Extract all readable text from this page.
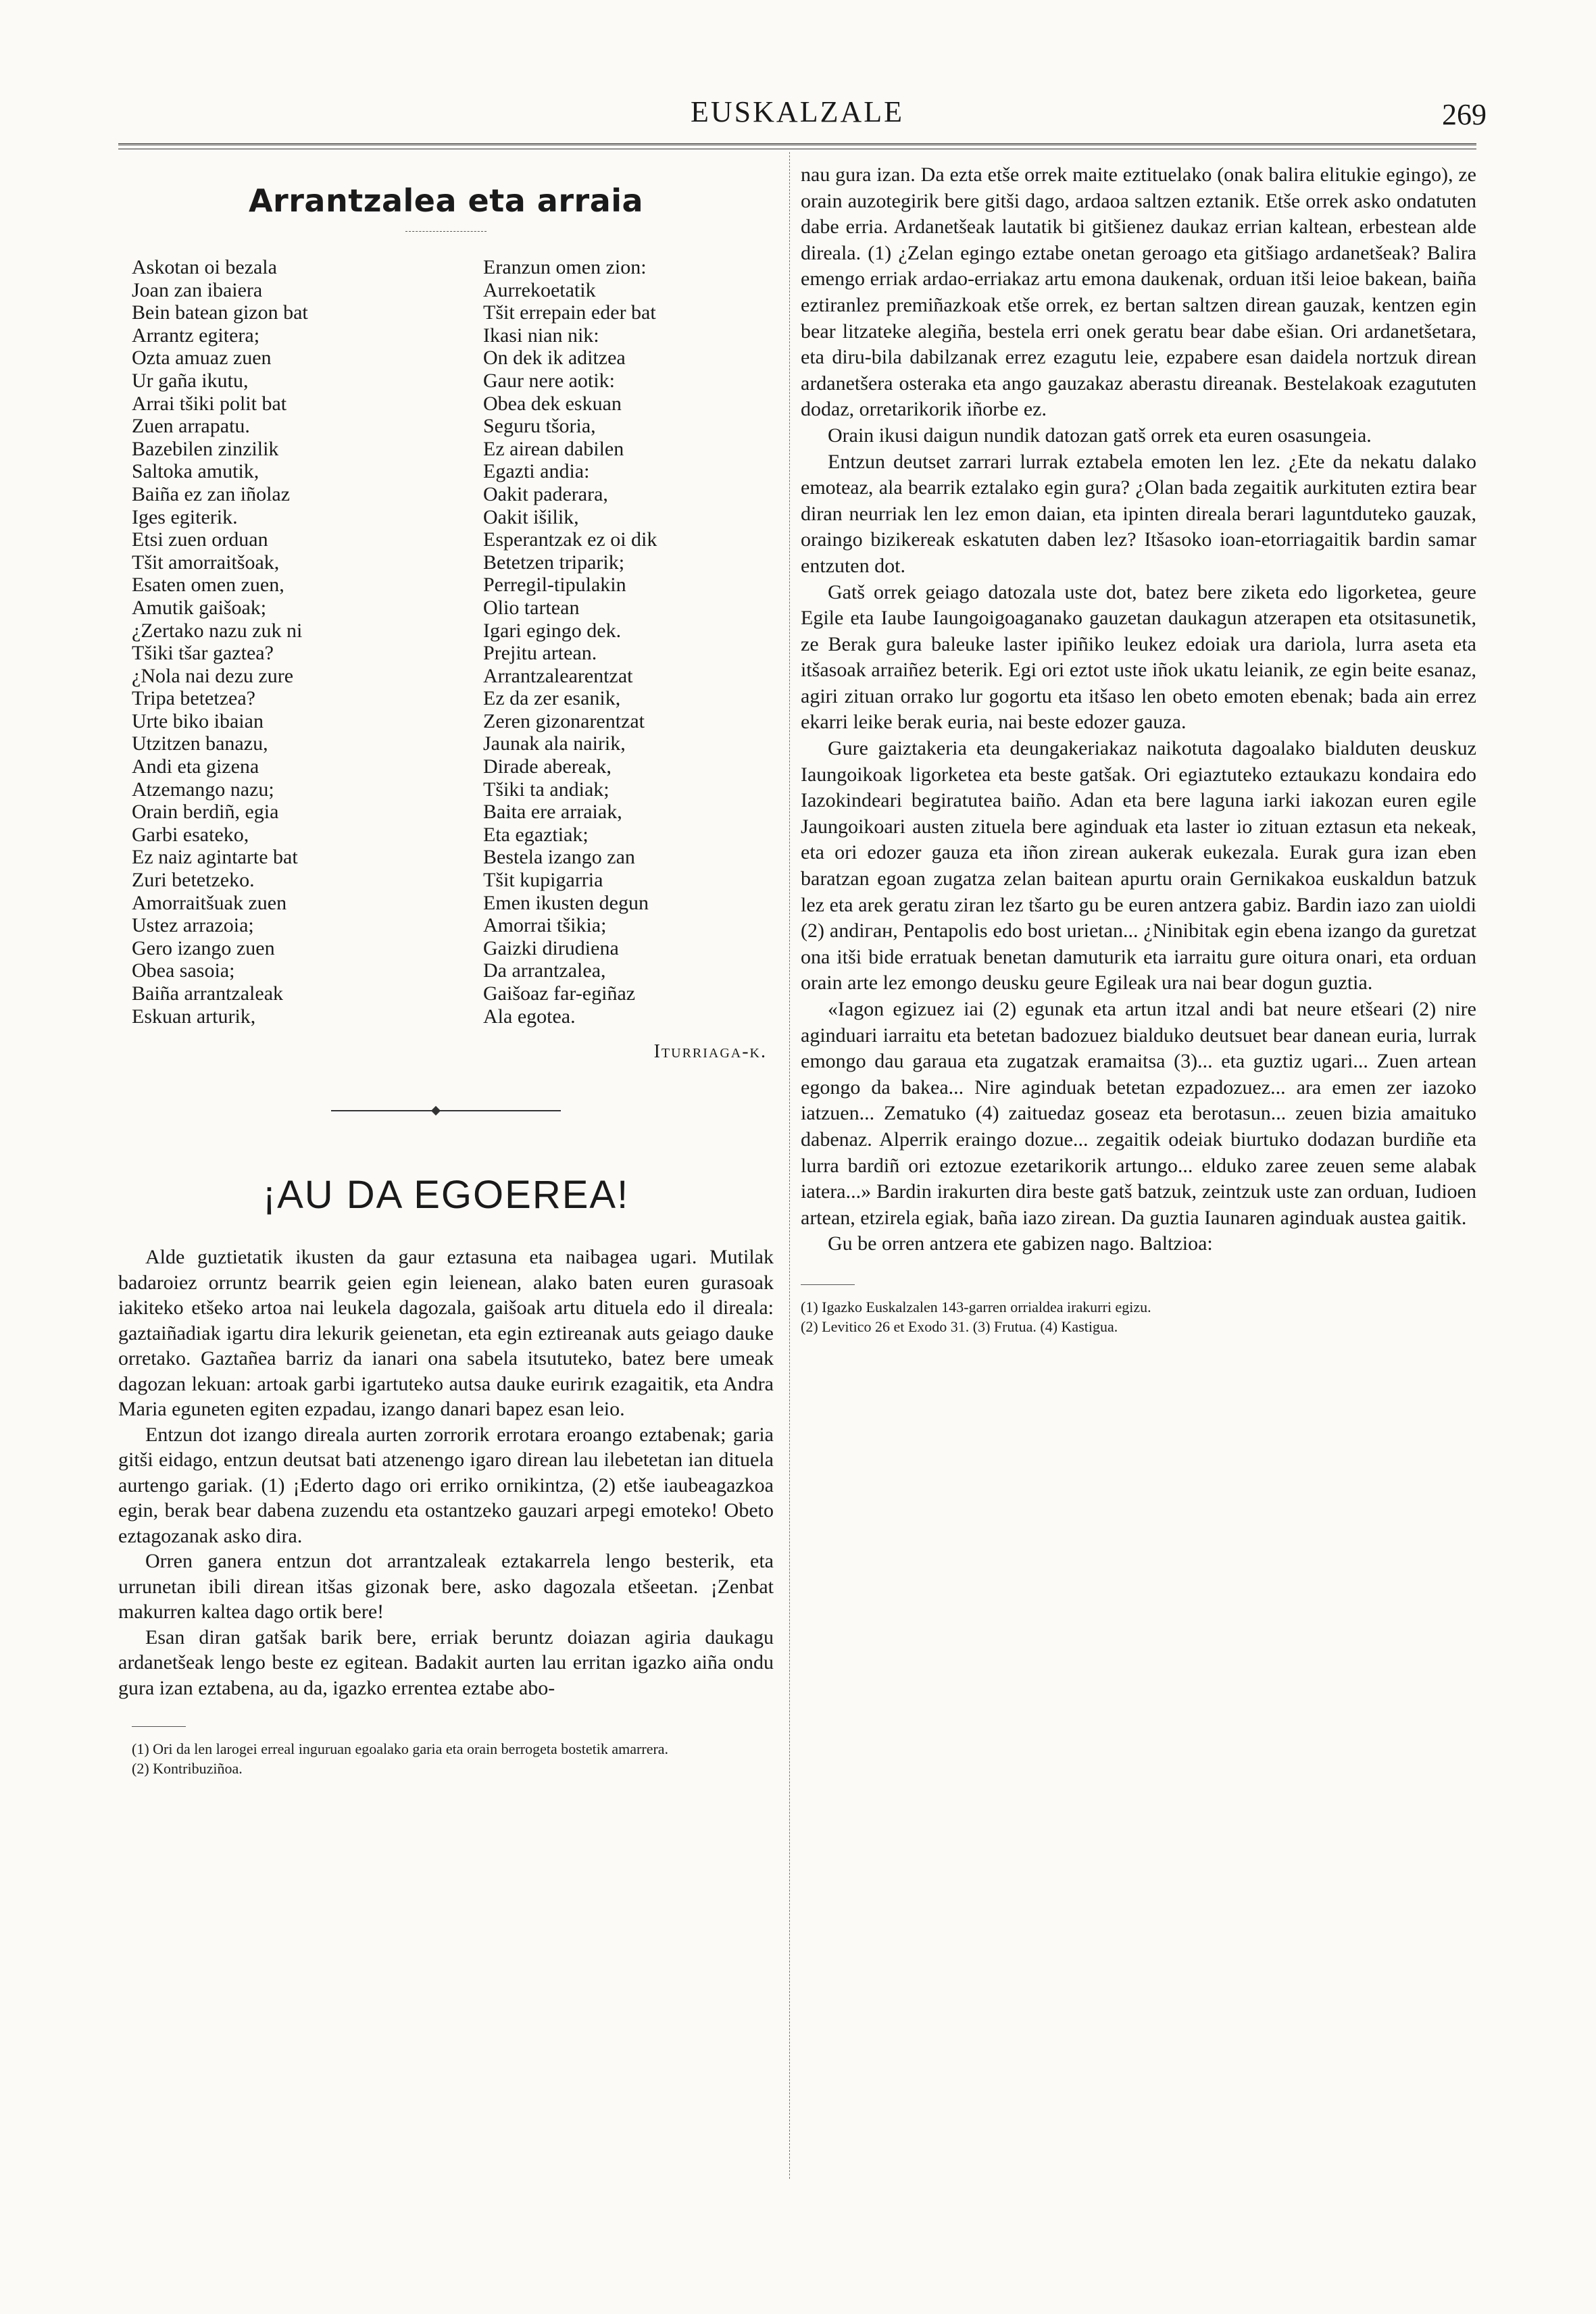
EUSKALZALE	269
Arrantzalea eta arraia
Askotan oi bezala
Joan zan ibaiera
Bein batean gizon bat
Arrantz egitera;
Ozta amuaz zuen
Ur gaña ikutu,
Arrai tšiki polit bat
Zuen arrapatu.
Bazebilen zinzilik
Saltoka amutik,
Baiña ez zan iñolaz
Iges egiterik.
Etsi zuen orduan
Tšit amorraitšoak,
Esaten omen zuen,
Amutik gaišoak;
¿Zertako nazu zuk ni
Tšiki tšar gaztea?
¿Nola nai dezu zure
Tripa betetzea?
Urte biko ibaian
Utzitzen banazu,
Andi eta gizena
Atzemango nazu;
Orain berdiñ, egia
Garbi esateko,
Ez naiz agintarte bat
Zuri betetzeko.
Amorraitšuak zuen
Ustez arrazoia;
Gero izango zuen
Obea sasoia;
Baiña arrantzaleak
Eskuan arturik,
Eranzun omen zion:
Aurrekoetatik
Tšit errepain eder bat
Ikasi nian nik:
On dek ik aditzea
Gaur nere aotik:
Obea dek eskuan
Seguru tšoria,
Ez airean dabilen
Egazti andia:
Oakit paderara,
Oakit išilik,
Esperantzak ez oi dik
Betetzen triparik;
Perregil-tipulakin
Olio tartean
Igari egingo dek.
Prejitu artean.
Arrantzalearentzat
Ez da zer esanik,
Zeren gizonarentzat
Jaunak ala nairik,
Dirade abereak,
Tšiki ta andiak;
Baita ere arraiak,
Eta egaztiak;
Bestela izango zan
Tšit kupigarria
Emen ikusten degun
Amorrai tšikia;
Gaizki dirudiena
Da arrantzalea,
Gaišoaz far-egiñaz
Ala egotea.
Iturriaga-k.
¡AU DA EGOEREA!

Alde guztietatik ikusten da gaur eztasuna eta naibagea ugari. Mutilak badaroiez orruntz bearrik geien egin leienean, alako baten euren gurasoak iakiteko etšeko artoa nai leukela dagozala, gaišoak artu dituela edo il direala: gaztaiñadiak igartu dira lekurik geienetan, eta egin eztireanak auts geiago dauke orretako. Gaztañea barriz da ianari ona sabela itsututeko, batez bere umeak dagozan lekuan: artoak garbi igartuteko autsa dauke eurirık ezagaitik, eta Andra Maria eguneten egiten ezpadau, izango danari bapez esan leio.

Entzun dot izango direala aurten zorrorik errotara eroango eztabenak; garia gitši eidago, entzun deutsat bati atzenengo igaro direan lau ilebetetan ian dituela aurtengo gariak. (1) ¡Ederto dago ori erriko ornikintza, (2) etše iaubeagazkoa egin, berak bear dabena zuzendu eta ostantzeko gauzari arpegi emoteko! Obeto eztagozanak asko dira.

Orren ganera entzun dot arrantzaleak eztakarrela lengo besterik, eta urrunetan ibili direan itšas gizonak bere, asko dagozala etšeetan. ¡Zenbat makurren kaltea dago ortik bere!

Esan diran gatšak barik bere, erriak beruntz doiazan agiria daukagu ardanetšeak lengo beste ez egitean. Badakit aurten lau erritan igazko aiña ondu gura izan eztabena, au da, igazko errentea eztabe abo-

(1) Ori da len larogei erreal inguruan egoalako garia eta orain berrogeta bostetik amarrera.
(2) Kontribuziñoa.

nau gura izan. Da ezta etše orrek maite eztituelako (onak balira elitukie egingo), ze orain auzotegirik bere gitši dago, ardaoa saltzen eztanik. Etše orrek asko ondatuten dabe erria. Ardanetšeak lautatik bi gitšienez daukaz errian kaltean, erbestean alde direala. (1) ¿Zelan egingo eztabe onetan geroago eta gitšiago ardanetšeak? Balira emengo erriak ardao-erriakaz artu emona daukenak, orduan itši leioe bakean, baiña eztiranlez premiñazkoak etše orrek, ez bertan saltzen direan gauzak, kentzen egin bear litzateke alegiña, bestela erri onek geratu bear dabe ešian. Ori ardanetšetara, eta diru-bila dabilzanak errez ezagutu leie, ezpabere esan daidela nortzuk direan ardanetšera osteraka eta ango gauzakaz aberastu direanak. Bestelakoak ezagututen dodaz, orretarikorik iñorbe ez.

Orain ikusi daigun nundik datozan gatš orrek eta euren osasungeia.

Entzun deutset zarrari lurrak eztabela emoten len lez. ¿Ete da nekatu dalako emoteaz, ala bearrik eztalako egin gura? ¿Olan bada zegaitik aurkituten eztira bear diran neurriak len lez emon daian, eta ipinten direala berari laguntduteko gauzak, oraingo bizikereak eskatuten daben lez? Itšasoko ioan-etorriagaitik bardin samar entzuten dot.

Gatš orrek geiago datozala uste dot, batez bere ziketa edo ligorketea, geure Egile eta Iaube Iaungoigoaganako gauzetan daukagun atzerapen eta otsitasunetik, ze Berak gura baleuke laster ipiñiko leukez edoiak ura dariola, lurra aseta eta itšasoak arraiñez beterik. Egi ori eztot uste iñok ukatu leianik, ze egin beite esanaz, agiri zituan orrako lur gogortu eta itšaso len obeto emoten ebenak; bada ain errez ekarri leike berak euria, nai beste edozer gauza.

Gure gaiztakeria eta deungakeriakaz naikotuta dagoalako bialduten deuskuz Iaungoikoak ligorketea eta beste gatšak. Ori egiaztuteko eztaukazu kondaira edo Iazokindeari begiratutea baiño. Adan eta bere laguna iarki iakozan euren egile Jaungoikoari austen zituela bere aginduak eta laster io zituan eztasun eta nekeak, eta ori edozer gauza eta iñon zirean aukerak eukezala. Eurak gura izan eben baratzan egoan zugatza zelan baitean apurtu orain Gernikakoa euskaldun batzuk lez eta arek geratu ziran lez tšarto gu be euren antzera gabiz. Bardin iazo zan uioldi (2) andiган, Pentapolis edo bost urietan... ¿Ninibitak egin ebena izango da guretzat ona itši bide erratuak benetan damuturik eta iarraitu gure oitura onari, eta orduan orain arte lez emongo deusku geure Egileak ura nai bear dogun guztia.

«Iagon egizuez iai (2) egunak eta artun itzal andi bat neure etšeari (2) nire aginduari iarraitu eta betetan badozuez bialduko deutsuet bear danean euria, lurrak emongo dau garaua eta zugatzak eramaitsa (3)... eta guztiz ugari... Zuen artean egongo da bakea... Nire aginduak betetan ezpadozuez... ara emen zer iazoko iatzuen... Zematuko (4) zaituedaz goseaz eta berotasun... zeuen bizia amaituko dabenaz. Alperrik eraingo dozue... zegaitik odeiak biurtuko dodazan burdiñe eta lurra bardiñ ori eztozue ezetarikorik artungo... elduko zaree zeuen seme alabak iatera...» Bardin irakurten dira beste gatš batzuk, zeintzuk uste zan orduan, Iudioen artean, etzirela egiak, baña iazo zirean. Da guztia Iaunaren aginduak austea gaitik.

Gu be orren antzera ete gabizen nago. Baltzioa:

(1) Igazko Euskalzalen 143-garren orrialdea irakurri egizu.
(2) Levitico 26 et Exodo 31. (3) Frutua. (4) Kastigua.
